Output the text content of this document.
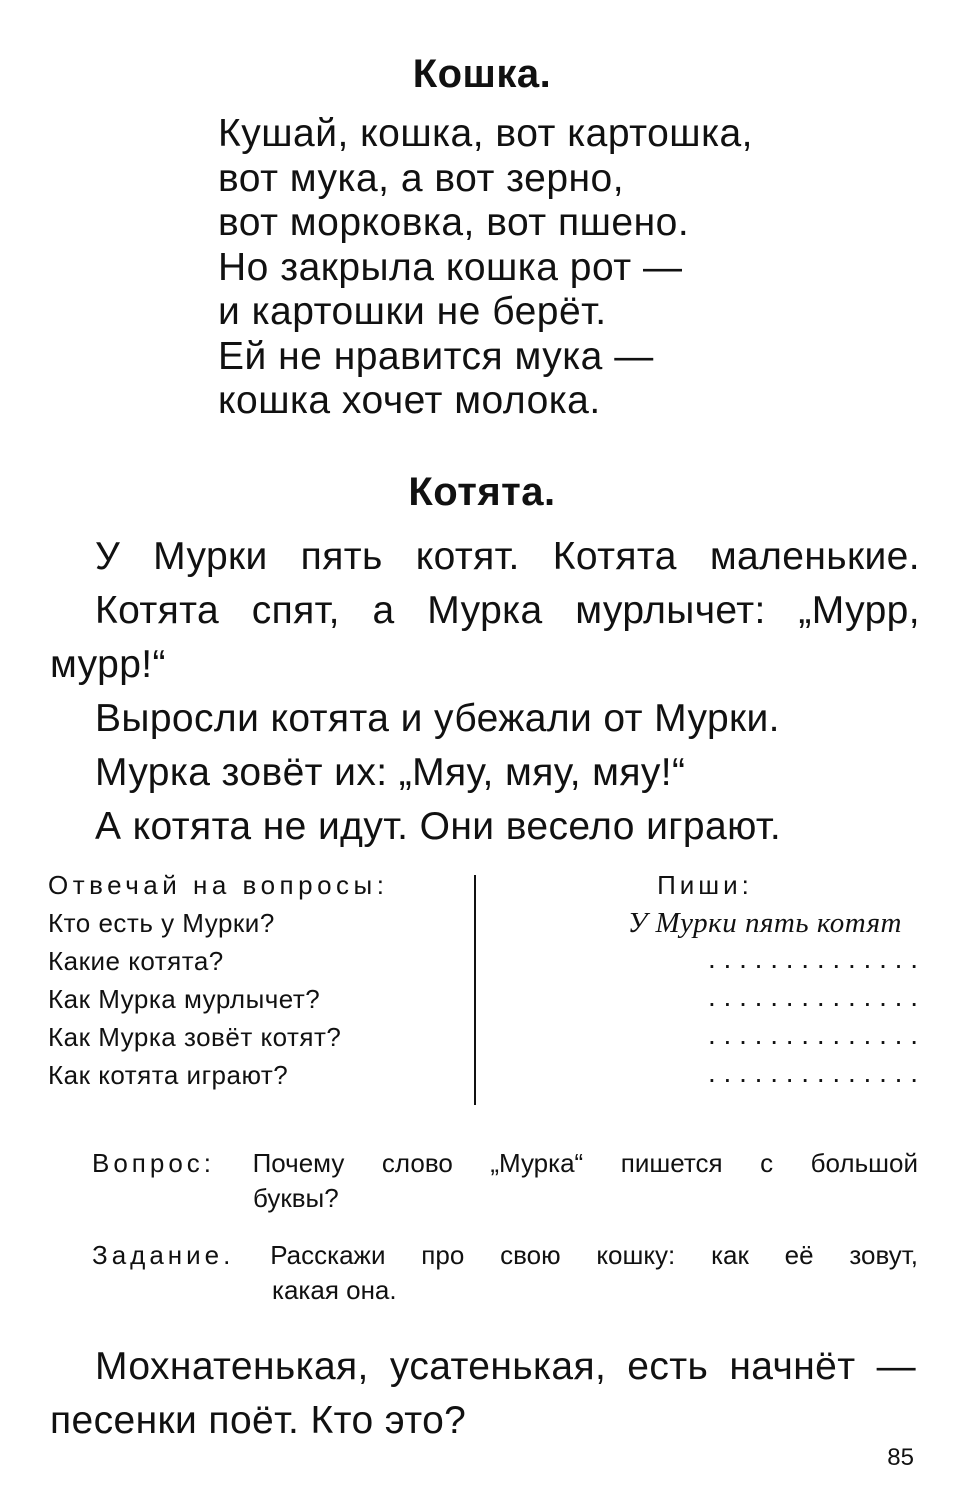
Кошка.
Кушай, кошка, вот картошка,
вот мука, а вот зерно,
вот морковка, вот пшено.
Но закрыла кошка рот —
и картошки не берёт.
Ей не нравится мука —
кошка хочет молока.
Котята.
У Мурки пять котят. Котята маленькие.
Котята спят, а Мурка мурлычет: „Мурр, мурр!“
Выросли котята и убежали от Мурки.
Мурка зовёт их: „Мяу, мяу, мяу!“
А котята не идут. Они весело играют.
Отвечай на вопросы:
Кто есть у Мурки?
Какие котята?
Как Мурка мурлычет?
Как Мурка зовёт котят?
Как котята играют?
Пиши:
У Мурки пять котят
. . . . . . . . . . . . . .
. . . . . . . . . . . . . .
. . . . . . . . . . . . . .
. . . . . . . . . . . . . .
Вопрос: Почему слово „Мурка“ пишется с большой
буквы?
Задание. Расскажи про свою кошку: как её зовут,
какая она.
Мохнатенькая, усатенькая, есть начнёт —
песенки поёт. Кто это?
85
